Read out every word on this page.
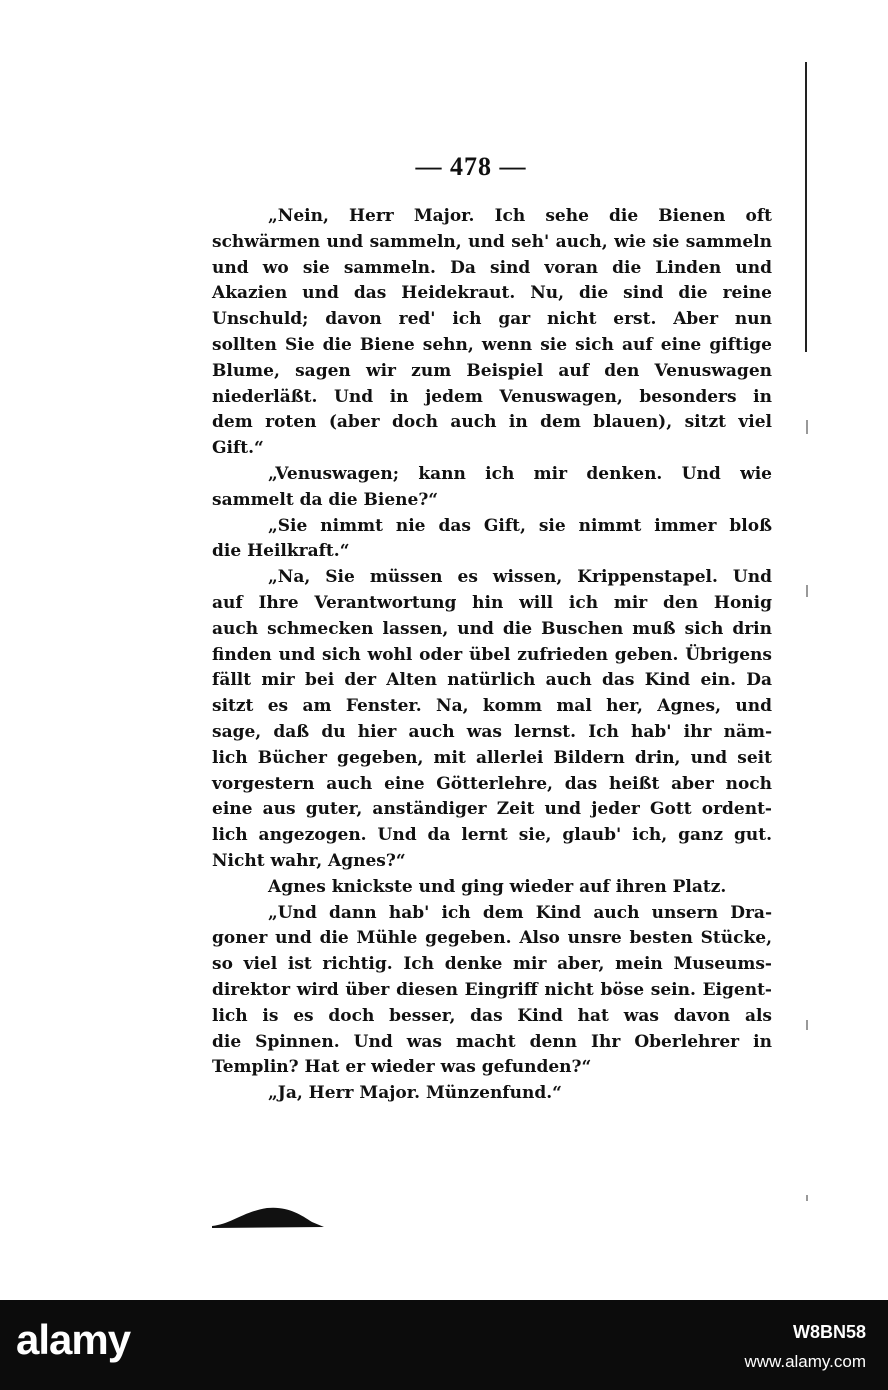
— 478 —
„Nein, Herr Major. Ich sehe die Bienen oft
schwärmen und sammeln, und seh' auch, wie sie sammeln
und wo sie sammeln. Da sind voran die Linden und
Akazien und das Heidekraut. Nu, die sind die reine
Unschuld; davon red' ich gar nicht erst. Aber nun
sollten Sie die Biene sehn, wenn sie sich auf eine giftige
Blume, sagen wir zum Beispiel auf den Venuswagen
niederläßt. Und in jedem Venuswagen, besonders in
dem roten (aber doch auch in dem blauen), sitzt viel
Gift.“
„Venuswagen; kann ich mir denken. Und wie
sammelt da die Biene?“
„Sie nimmt nie das Gift, sie nimmt immer bloß
die Heilkraft.“
„Na, Sie müssen es wissen, Krippenstapel. Und
auf Ihre Verantwortung hin will ich mir den Honig
auch schmecken lassen, und die Buschen muß sich drin
finden und sich wohl oder übel zufrieden geben. Übrigens
fällt mir bei der Alten natürlich auch das Kind ein. Da
sitzt es am Fenster. Na, komm mal her, Agnes, und
sage, daß du hier auch was lernst. Ich hab' ihr näm-
lich Bücher gegeben, mit allerlei Bildern drin, und seit
vorgestern auch eine Götterlehre, das heißt aber noch
eine aus guter, anständiger Zeit und jeder Gott ordent-
lich angezogen. Und da lernt sie, glaub' ich, ganz gut.
Nicht wahr, Agnes?“
Agnes knickste und ging wieder auf ihren Platz.
„Und dann hab' ich dem Kind auch unsern Dra-
goner und die Mühle gegeben. Also unsre besten Stücke,
so viel ist richtig. Ich denke mir aber, mein Museums-
direktor wird über diesen Eingriff nicht böse sein. Eigent-
lich is es doch besser, das Kind hat was davon als
die Spinnen. Und was macht denn Ihr Oberlehrer in
Templin? Hat er wieder was gefunden?“
„Ja, Herr Major. Münzenfund.“
alamy	W8BN58
www.alamy.com
